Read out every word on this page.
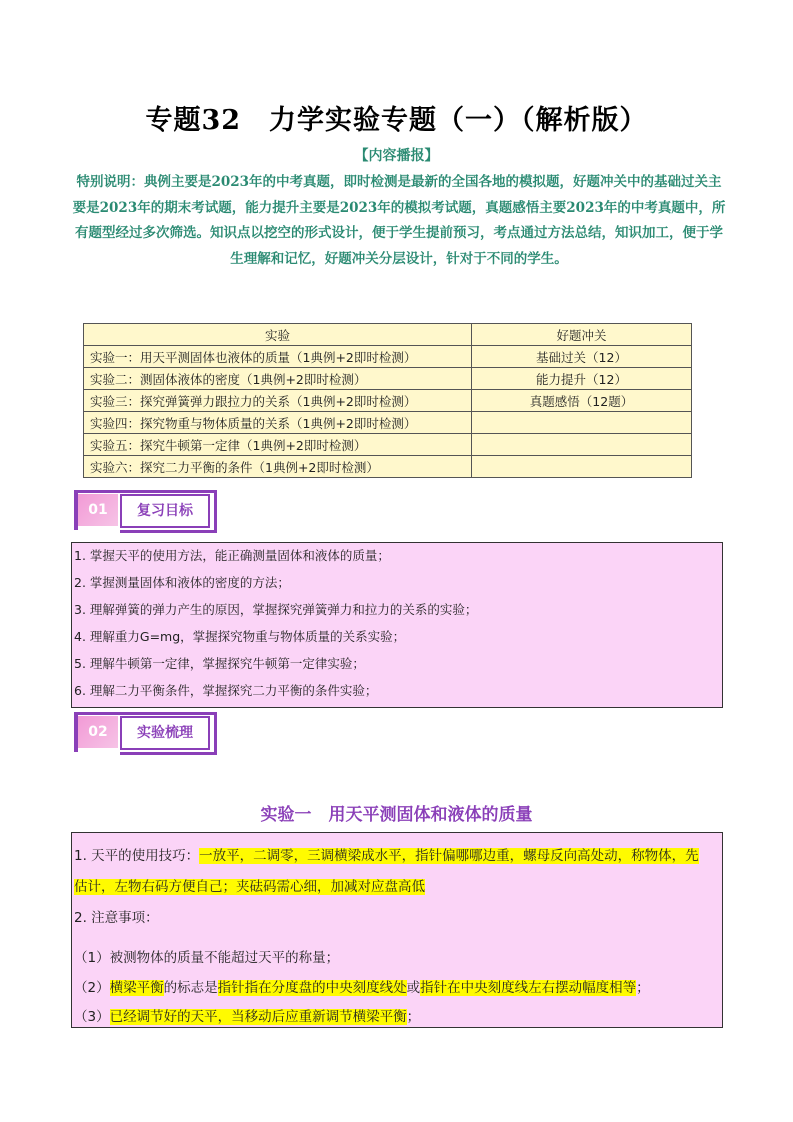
专题32　力学实验专题（一）（解析版）
【内容播报】
特别说明：典例主要是2023年的中考真题，即时检测是最新的全国各地的模拟题，好题冲关中的基础过关主要是2023年的期末考试题，能力提升主要是2023年的模拟考试题，真题感悟主要2023年的中考真题中，所有题型经过多次筛选。知识点以挖空的形式设计，便于学生提前预习，考点通过方法总结，知识加工，便于学生理解和记忆，好题冲关分层设计，针对于不同的学生。
实验	好题冲关
实验一：用天平测固体也液体的质量（1典例+2即时检测）	基础过关（12）
实验二：测固体液体的密度（1典例+2即时检测）	能力提升（12）
实验三：探究弹簧弹力跟拉力的关系（1典例+2即时检测）	真题感悟（12题）
实验四：探究物重与物体质量的关系（1典例+2即时检测）	
实验五：探究牛顿第一定律（1典例+2即时检测）	
实验六：探究二力平衡的条件（1典例+2即时检测）	
01	复习目标
1. 掌握天平的使用方法，能正确测量固体和液体的质量；
2. 掌握测量固体和液体的密度的方法；
3. 理解弹簧的弹力产生的原因，掌握探究弹簧弹力和拉力的关系的实验；
4. 理解重力G=mg，掌握探究物重与物体质量的关系实验；
5. 理解牛顿第一定律，掌握探究牛顿第一定律实验；
6. 理解二力平衡条件，掌握探究二力平衡的条件实验；
02	实验梳理
实验一　用天平测固体和液体的质量
1. 天平的使用技巧：一放平，二调零，三调横梁成水平，指针偏哪哪边重，螺母反向高处动，称物体，先
估计，左物右码方便自己；夹砝码需心细，加减对应盘高低
2. 注意事项：
（1）被测物体的质量不能超过天平的称量；
（2）横梁平衡的标志是指针指在分度盘的中央刻度线处或指针在中央刻度线左右摆动幅度相等；
（3）已经调节好的天平，当移动后应重新调节横梁平衡；
